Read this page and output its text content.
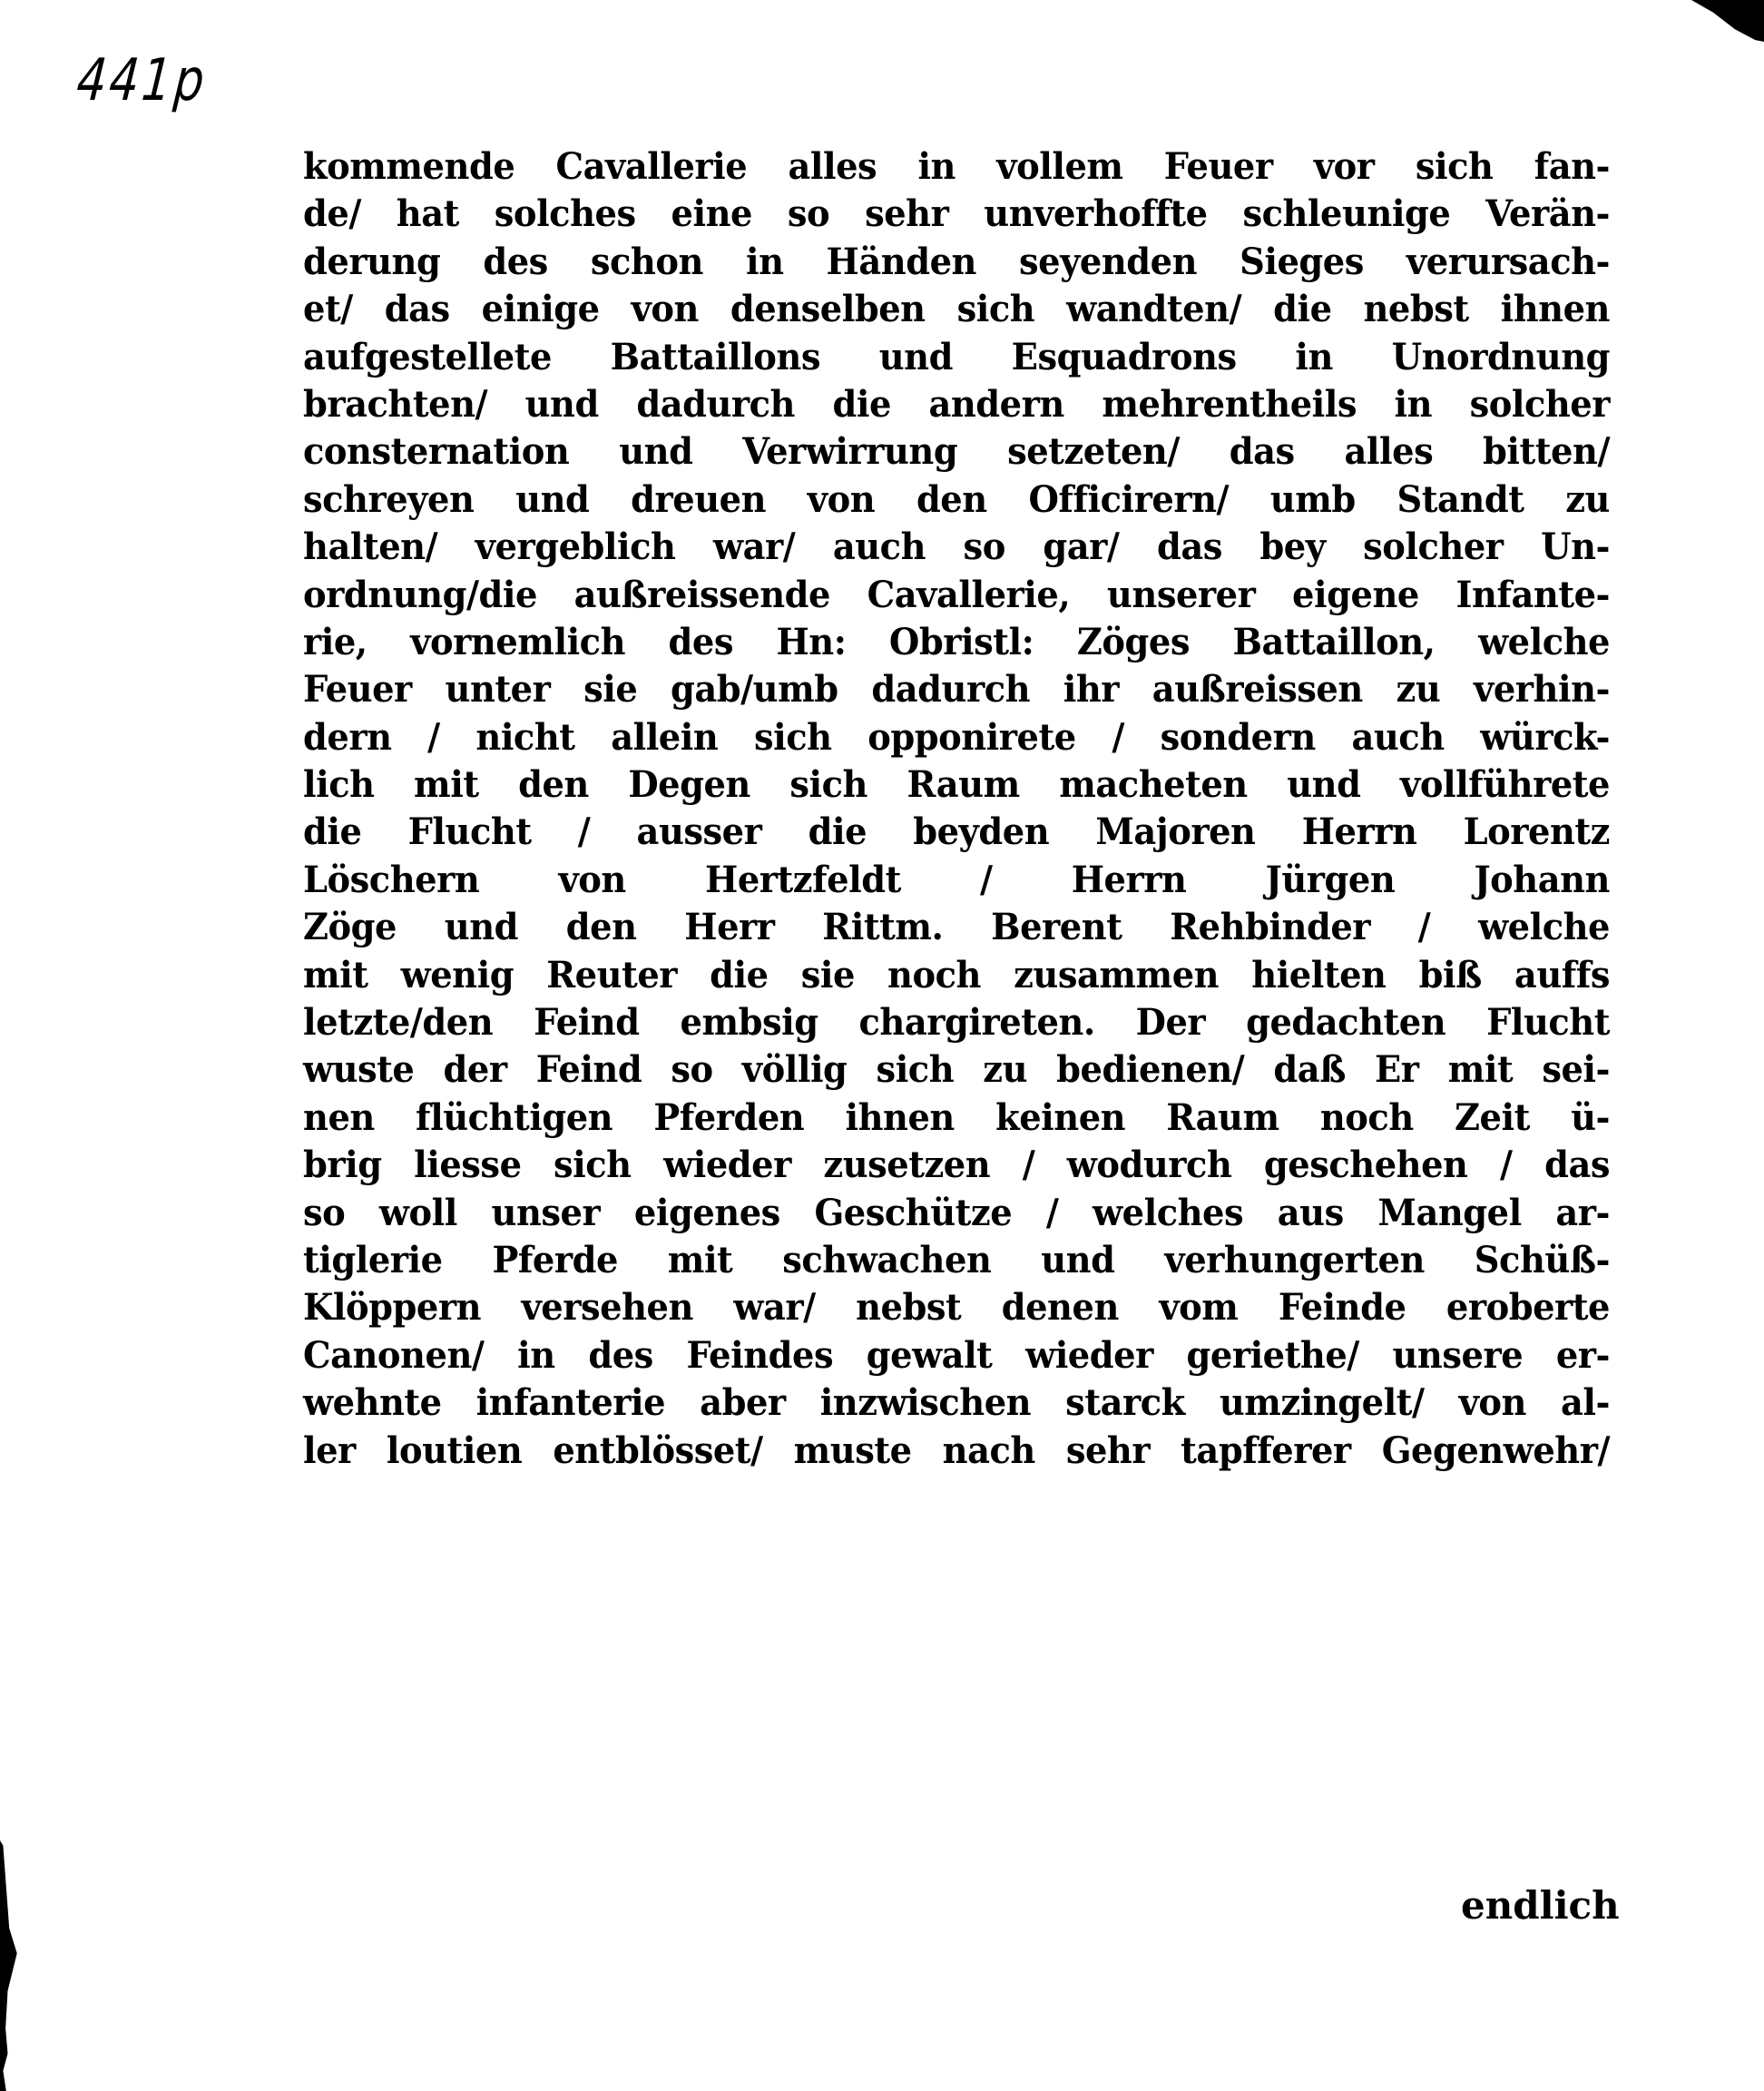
441p
kommende Cavallerie alles in vollem Feuer vor sich fan-
de/ hat solches eine so sehr unverhoffte schleunige Verän-
derung des schon in Händen seyenden Sieges verursach-
et/ das einige von denselben sich wandten/ die nebst ihnen
aufgestellete Battaillons und Esquadrons in Unordnung
brachten/ und dadurch die andern mehrentheils in solcher
consternation und Verwirrung setzeten/ das alles bitten/
schreyen und dreuen von den Officirern/ umb Standt zu
halten/ vergeblich war/ auch so gar/ das bey solcher Un-
ordnung/die außreissende Cavallerie, unserer eigene Infante-
rie, vornemlich des Hn: Obristl: Zöges Battaillon, welche
Feuer unter sie gab/umb dadurch ihr außreissen zu verhin-
dern / nicht allein sich opponirete / sondern auch würck-
lich mit den Degen sich Raum macheten und vollführete
die Flucht / ausser die beyden Majoren Herrn Lorentz
Löschern von Hertzfeldt / Herrn Jürgen Johann
Zöge und den Herr Rittm. Berent Rehbinder / welche
mit wenig Reuter die sie noch zusammen hielten biß auffs
letzte/den Feind embsig chargireten. Der gedachten Flucht
wuste der Feind so völlig sich zu bedienen/ daß Er mit sei-
nen flüchtigen Pferden ihnen keinen Raum noch Zeit ü-
brig liesse sich wieder zusetzen / wodurch geschehen / das
so woll unser eigenes Geschütze / welches aus Mangel ar-
tiglerie Pferde mit schwachen und verhungerten Schüß-
Klöppern versehen war/ nebst denen vom Feinde eroberte
Canonen/ in des Feindes gewalt wieder geriethe/ unsere er-
wehnte infanterie aber inzwischen starck umzingelt/ von al-
ler loutien entblösset/ muste nach sehr tapfferer Gegenwehr/
endlich
